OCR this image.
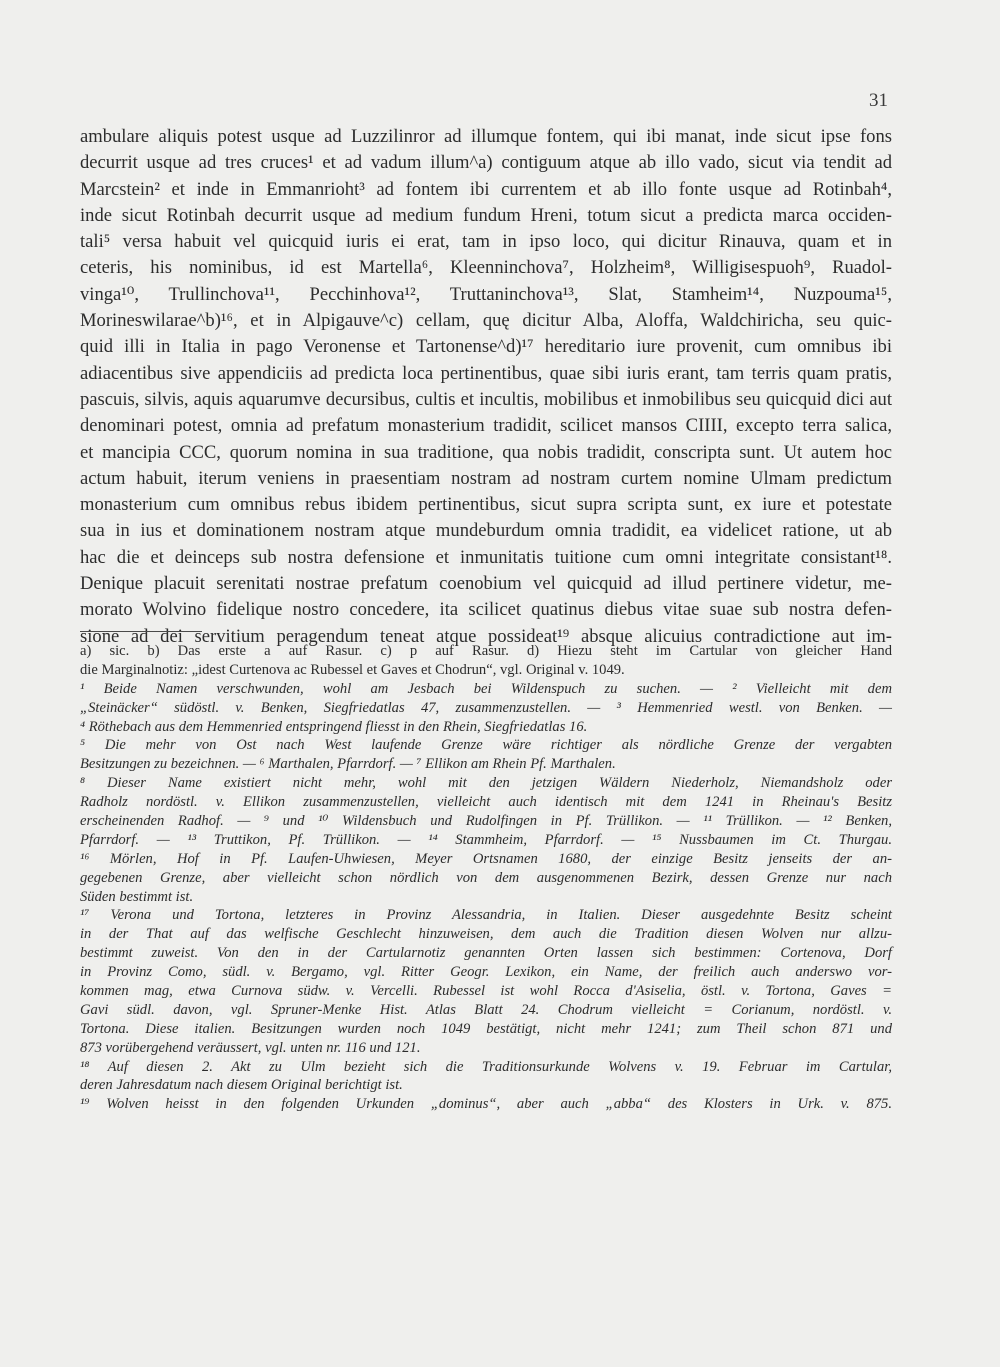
31
ambulare aliquis potest usque ad Luzzilinror ad illumque fontem, qui ibi manat, inde sicut ipse fons
decurrit usque ad tres cruces¹ et ad vadum illum^a) contiguum atque ab illo vado, sicut via tendit ad
Marcstein² et inde in Emmanrioht³ ad fontem ibi currentem et ab illo fonte usque ad Rotinbah⁴,
inde sicut Rotinbah decurrit usque ad medium fundum Hreni, totum sicut a predicta marca occiden-
tali⁵ versa habuit vel quicquid iuris ei erat, tam in ipso loco, qui dicitur Rinauva, quam et in
ceteris, his nominibus, id est Martella⁶, Kleenninchova⁷, Holzheim⁸, Willigisespuoh⁹, Ruadol-
vinga¹⁰, Trullinchova¹¹, Pecchinhova¹², Truttaninchova¹³, Slat, Stamheim¹⁴, Nuzpouma¹⁵,
Morineswilarae^b)¹⁶, et in Alpigauve^c) cellam, quę dicitur Alba, Aloffa, Waldchiricha, seu quic-
quid illi in Italia in pago Veronense et Tartonense^d)¹⁷ hereditario iure provenit, cum omnibus ibi
adiacentibus sive appendiciis ad predicta loca pertinentibus, quae sibi iuris erant, tam terris quam pratis,
pascuis, silvis, aquis aquarumve decursibus, cultis et incultis, mobilibus et inmobilibus seu quicquid dici aut
denominari potest, omnia ad prefatum monasterium tradidit, scilicet mansos CIIII, excepto terra salica,
et mancipia CCC, quorum nomina in sua traditione, qua nobis tradidit, conscripta sunt. Ut autem hoc
actum habuit, iterum veniens in praesentiam nostram ad nostram curtem nomine Ulmam predictum
monasterium cum omnibus rebus ibidem pertinentibus, sicut supra scripta sunt, ex iure et potestate
sua in ius et dominationem nostram atque mundeburdum omnia tradidit, ea videlicet ratione, ut ab
hac die et deinceps sub nostra defensione et inmunitatis tuitione cum omni integritate consistant¹⁸.
Denique placuit serenitati nostrae prefatum coenobium vel quicquid ad illud pertinere videtur, me-
morato Wolvino fidelique nostro concedere, ita scilicet quatinus diebus vitae suae sub nostra defen-
sione ad dei servitium peragendum teneat atque possideat¹⁹ absque alicuius contradictione aut im-
a) sic. b) Das erste a auf Rasur. c) p auf Rasur. d) Hiezu steht im Cartular von gleicher Hand
die Marginalnotiz: „idest Curtenova ac Rubessel et Gaves et Chodrun“, vgl. Original v. 1049.
¹ Beide Namen verschwunden, wohl am Jesbach bei Wildenspuch zu suchen. — ² Vielleicht mit dem
„Steinäcker“ südöstl. v. Benken, Siegfriedatlas 47, zusammenzustellen. — ³ Hemmenried westl. von Benken. —
⁴ Röthebach aus dem Hemmenried entspringend fliesst in den Rhein, Siegfriedatlas 16.
⁵ Die mehr von Ost nach West laufende Grenze wäre richtiger als nördliche Grenze der vergabten
Besitzungen zu bezeichnen. — ⁶ Marthalen, Pfarrdorf. — ⁷ Ellikon am Rhein Pf. Marthalen.
⁸ Dieser Name existiert nicht mehr, wohl mit den jetzigen Wäldern Niederholz, Niemandsholz oder
Radholz nordöstl. v. Ellikon zusammenzustellen, vielleicht auch identisch mit dem 1241 in Rheinau's Besitz
erscheinenden Radhof. — ⁹ und ¹⁰ Wildensbuch und Rudolfingen in Pf. Trüllikon. — ¹¹ Trüllikon. — ¹² Benken,
Pfarrdorf. — ¹³ Truttikon, Pf. Trüllikon. — ¹⁴ Stammheim, Pfarrdorf. — ¹⁵ Nussbaumen im Ct. Thurgau.
¹⁶ Mörlen, Hof in Pf. Laufen-Uhwiesen, Meyer Ortsnamen 1680, der einzige Besitz jenseits der an-
gegebenen Grenze, aber vielleicht schon nördlich von dem ausgenommenen Bezirk, dessen Grenze nur nach
Süden bestimmt ist.
¹⁷ Verona und Tortona, letzteres in Provinz Alessandria, in Italien. Dieser ausgedehnte Besitz scheint
in der That auf das welfische Geschlecht hinzuweisen, dem auch die Tradition diesen Wolven nur allzu-
bestimmt zuweist. Von den in der Cartularnotiz genannten Orten lassen sich bestimmen: Cortenova, Dorf
in Provinz Como, südl. v. Bergamo, vgl. Ritter Geogr. Lexikon, ein Name, der freilich auch anderswo vor-
kommen mag, etwa Curnova südw. v. Vercelli. Rubessel ist wohl Rocca d'Asiselia, östl. v. Tortona, Gaves =
Gavi südl. davon, vgl. Spruner-Menke Hist. Atlas Blatt 24. Chodrum vielleicht = Corianum, nordöstl. v.
Tortona. Diese italien. Besitzungen wurden noch 1049 bestätigt, nicht mehr 1241; zum Theil schon 871 und
873 vorübergehend veräussert, vgl. unten nr. 116 und 121.
¹⁸ Auf diesen 2. Akt zu Ulm bezieht sich die Traditionsurkunde Wolvens v. 19. Februar im Cartular,
deren Jahresdatum nach diesem Original berichtigt ist.
¹⁹ Wolven heisst in den folgenden Urkunden „dominus“, aber auch „abba“ des Klosters in Urk. v. 875.
